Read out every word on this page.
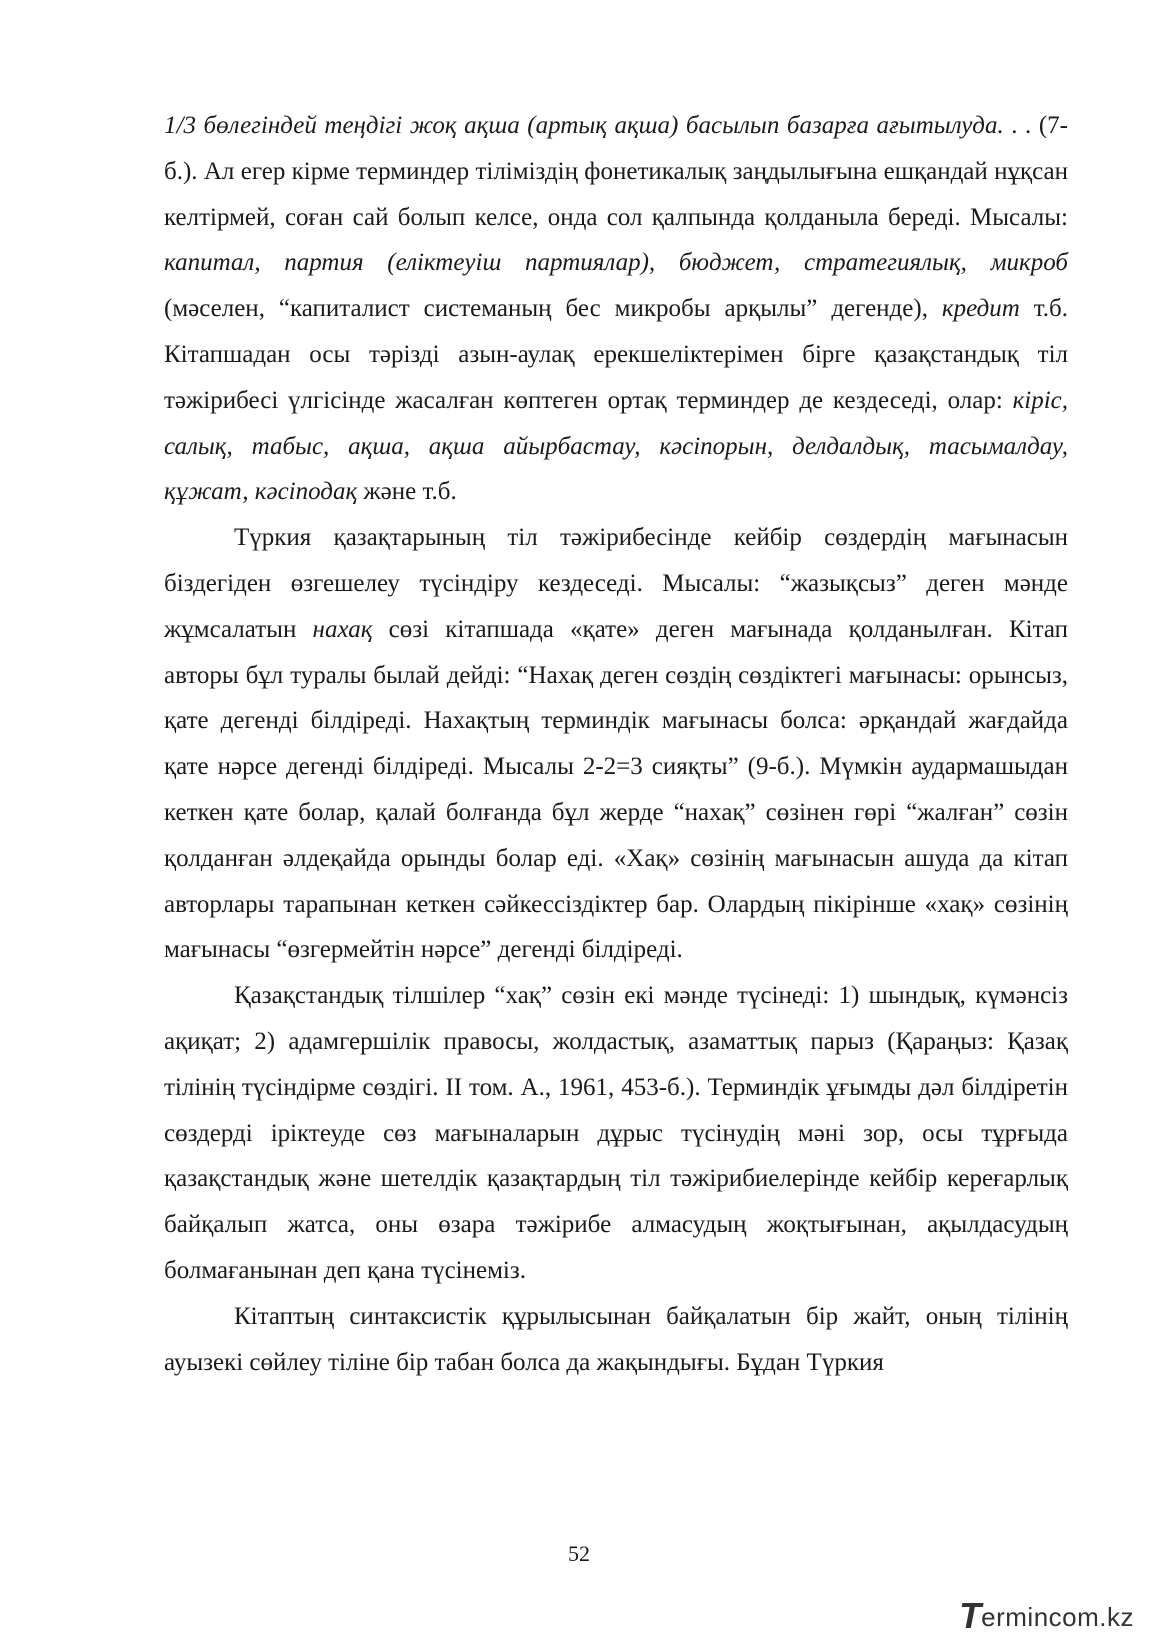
1/3 бөлегіндей теңдігі жоқ ақша (артық ақша) басылып базарға ағытылуда. . . (7-б.). Ал егер кірме терминдер тіліміздің фонетикалық заңдылығына ешқандай нұқсан келтірмей, соған сай болып келсе, онда сол қалпында қолданыла береді. Мысалы: капитал, партия (еліктеуіш партиялар), бюджет, стратегиялық, микроб (мәселен, “капиталист системаның бес микробы арқылы” дегенде), кредит т.б. Кітапшадан осы тәрізді азын-аулақ ерекшеліктерімен бірге қазақстандық тіл тәжірибесі үлгісінде жасалған көптеген ортақ терминдер де кездеседі, олар: кіріс, салық, табыс, ақша, ақша айырбастау, кәсіпорын, делдалдық, тасымалдау, құжат, кәсіподақ және т.б.

Түркия қазақтарының тіл тәжірибесінде кейбір сөздердің мағынасын біздегіден өзгешелеу түсіндіру кездеседі. Мысалы: “жазықсыз” деген мәнде жұмсалатын нахақ сөзі кітапшада «қате» деген мағынада қолданылған. Кітап авторы бұл туралы былай дейді: “Нахақ деген сөздің сөздіктегі мағынасы: орынсыз, қате дегенді білдіреді. Нахақтың терминдік мағынасы болса: әрқандай жағдайда қате нәрсе дегенді білдіреді. Мысалы 2-2=3 сияқты” (9-б.). Мүмкін аудармашыдан кеткен қате болар, қалай болғанда бұл жерде “нахақ” сөзінен гөрі “жалған” сөзін қолданған әлдеқайда орынды болар еді. «Хақ» сөзінің мағынасын ашуда да кітап авторлары тарапынан кеткен сәйкессіздіктер бар. Олардың пікірінше «хақ» сөзінің мағынасы “өзгермейтін нәрсе” дегенді білдіреді.

Қазақстандық тілшілер “хақ” сөзін екі мәнде түсінеді: 1) шындық, күмәнсіз ақиқат; 2) адамгершілік правосы, жолдастық, азаматтық парыз (Қараңыз: Қазақ тілінің түсіндірме сөздігі. ІІ том. А., 1961, 453-б.). Терминдік ұғымды дәл білдіретін сөздерді іріктеуде сөз мағыналарын дұрыс түсінудің мәні зор, осы тұрғыда қазақстандық және шетелдік қазақтардың тіл тәжірибиелерінде кейбір кереғарлық байқалып жатса, оны өзара тәжірибе алмасудың жоқтығынан, ақылдасудың болмағанынан деп қана түсінеміз.

Кітаптың синтаксистік құрылысынан байқалатын бір жайт, оның тілінің ауызекі сөйлеу тіліне бір табан болса да жақындығы. Бұдан Түркия

52
T ermincom.kz
